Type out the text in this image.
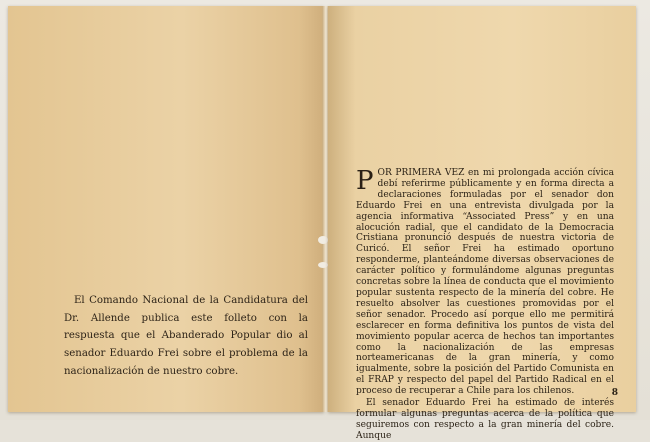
El Comando Nacional de la Candidatura del Dr. Allende publica este folleto con la respuesta que el Abanderado Popular dio al senador Eduardo Frei sobre el problema de la nacionalización de nuestro cobre.

POR PRIMERA VEZ en mi prolongada acción cívica debí referirme públicamente y en forma directa a declaraciones formuladas por el senador don Eduardo Frei en una entrevista divulgada por la agencia informativa “Associated Press” y en una alocución radial, que el candidato de la Democracia Cristiana pronunció después de nuestra victoria de Curicó. El señor Frei ha estimado oportuno responderme, planteándome diversas observaciones de carácter político y formulándome algunas preguntas concretas sobre la línea de conducta que el movimiento popular sustenta respecto de la minería del cobre. He resuelto absolver las cuestiones promovidas por el señor senador. Procedo así porque ello me permitirá esclarecer en forma definitiva los puntos de vista del movimiento popular acerca de hechos tan importantes como la nacionalización de las empresas norteamericanas de la gran minería, y como igualmente, sobre la posición del Partido Comunista en el FRAP y respecto del papel del Partido Radical en el proceso de recuperar a Chile para los chilenos.

El senador Eduardo Frei ha estimado de interés formular algunas preguntas acerca de la política que seguiremos con respecto a la gran minería del cobre. Aunque

8
